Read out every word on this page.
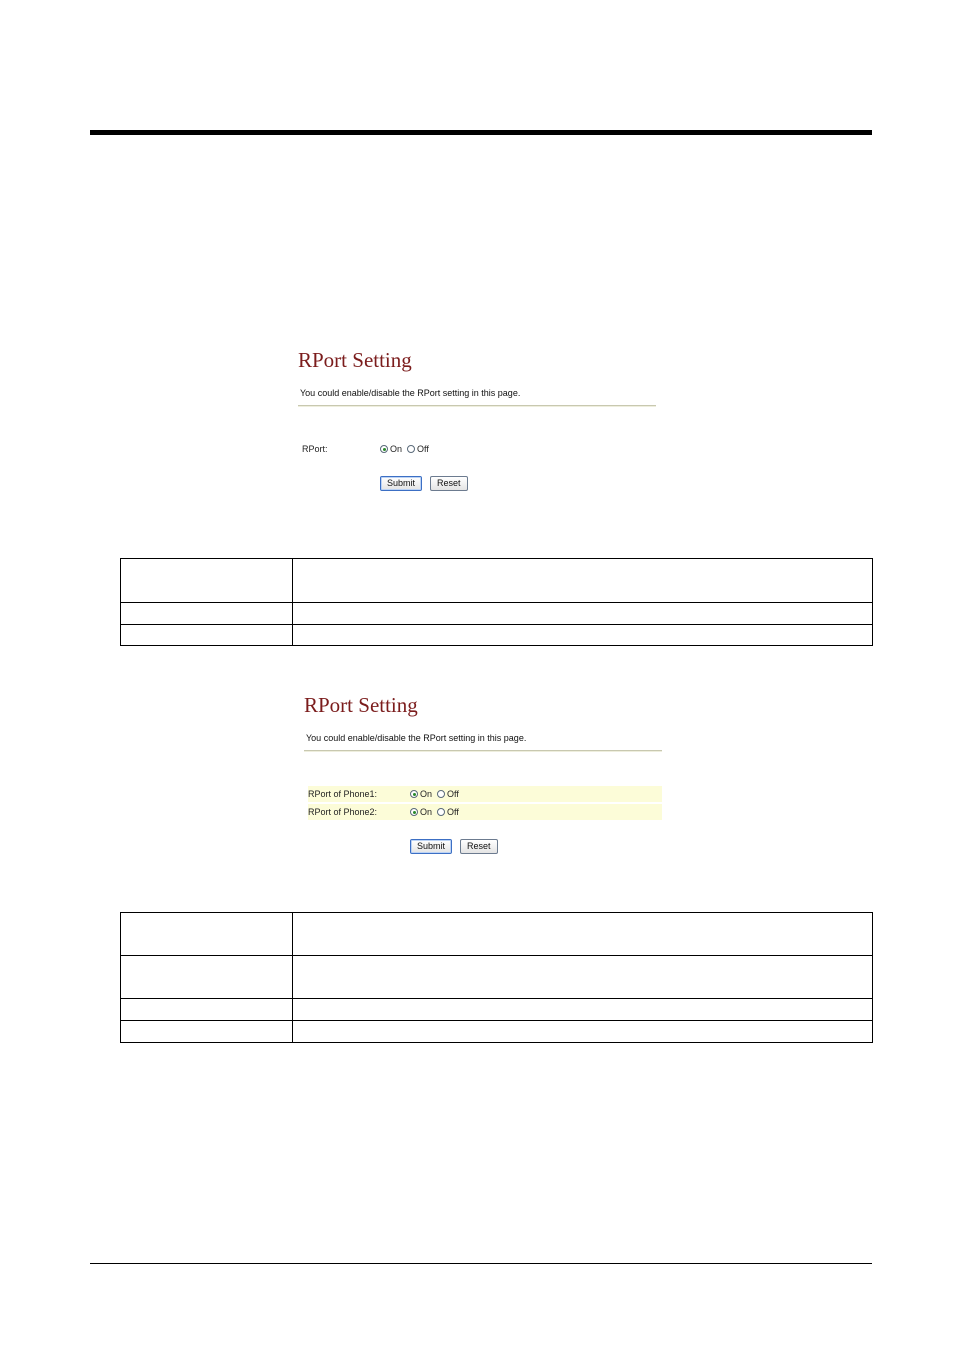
RPort Setting
You could enable/disable the RPort setting in this page.
RPort:	On Off
Submit	Reset

RPort Setting
You could enable/disable the RPort setting in this page.
RPort of Phone1:	On Off
RPort of Phone2:	On Off
Submit	Reset
